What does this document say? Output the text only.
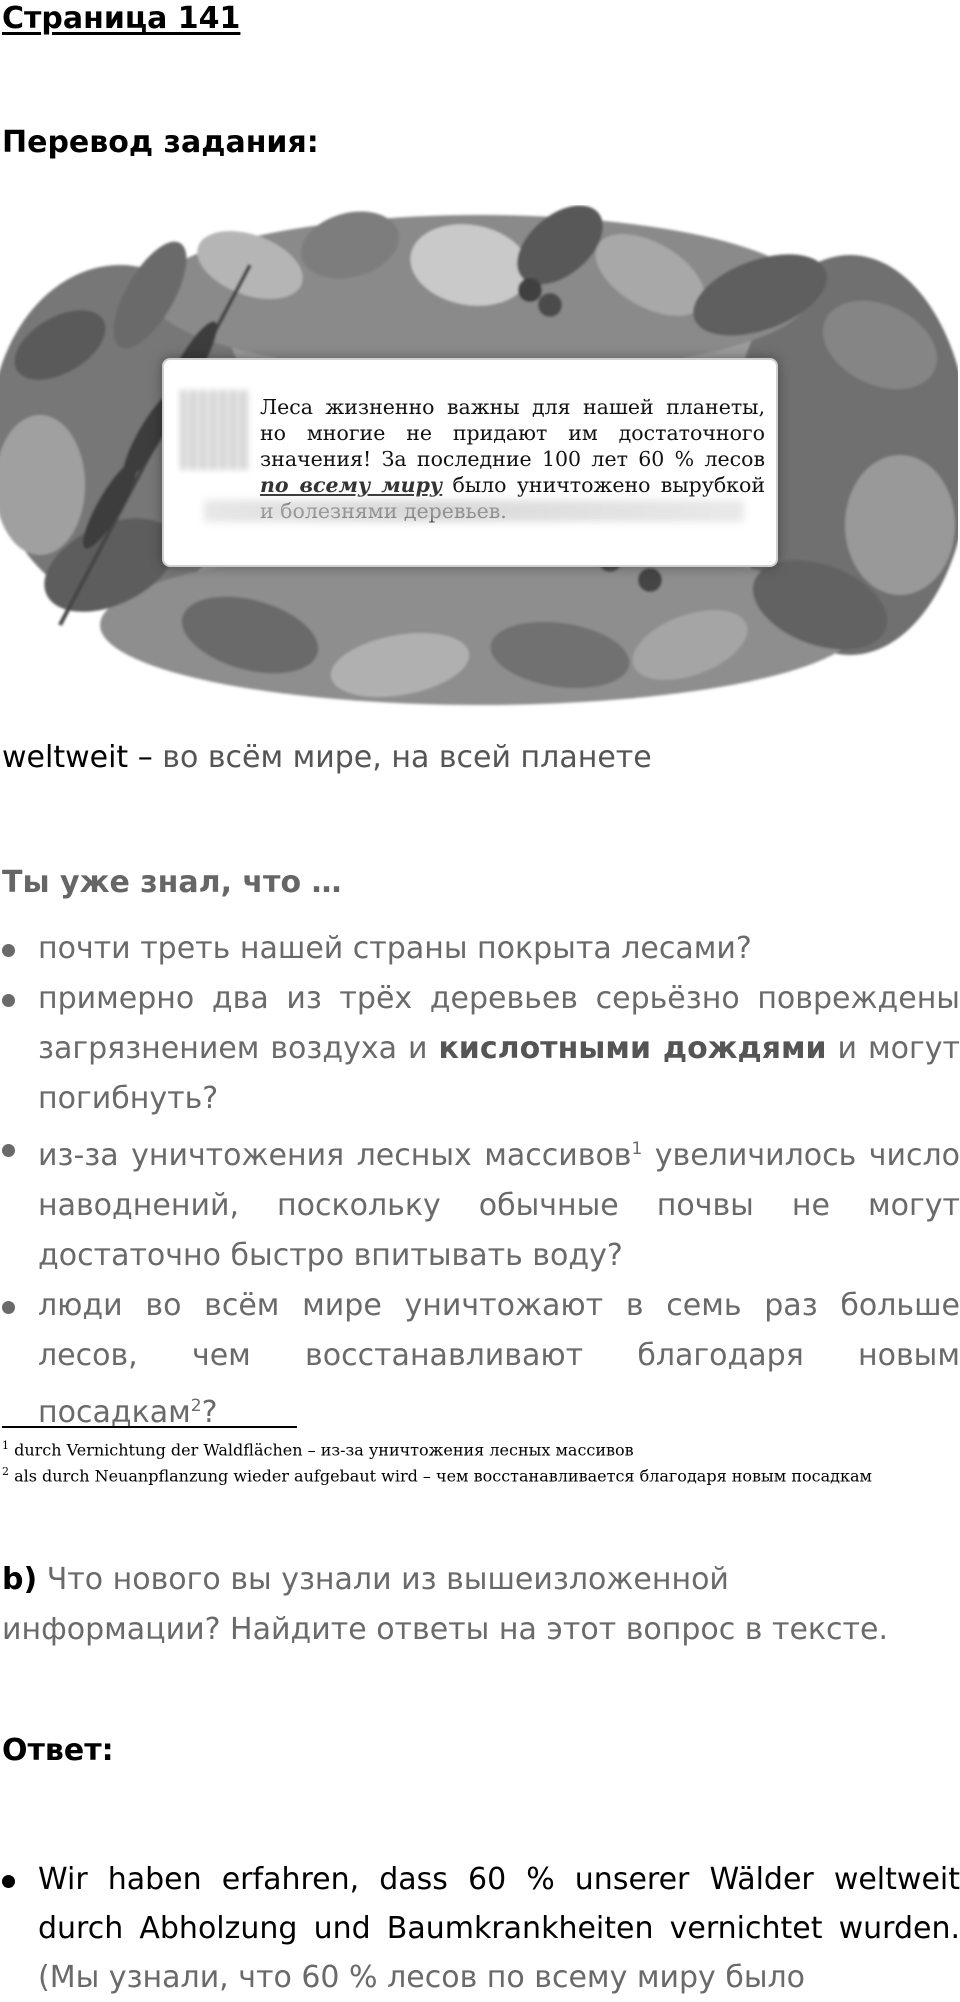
Страница 141
Перевод задания:
Леса жизненно важны для нашей планеты, но многие не придают им достаточного значения! За последние 100 лет 60 % лесов по всему миру было уничтожено вырубкой
weltweit – во всём мире, на всей планете
Ты уже знал, что …
почти треть нашей страны покрыта лесами?
примерно два из трёх деревьев серьёзно повреждены загрязнением воздуха и кислотными дождями и могут погибнуть?
из-за уничтожения лесных массивов$^1$ увеличилось число наводнений, поскольку обычные почвы не могут достаточно быстро впитывать воду?
люди во всём мире уничтожают в семь раз больше лесов, чем восстанавливают благодаря новым посадкам$^2$?
$^1$ durch Vernichtung der Waldflächen – из-за уничтожения лесных массивов
$^2$ als durch Neuanpflanzung wieder aufgebaut wird – чем восстанавливается благодаря новым посадкам
b) Что нового вы узнали из вышеизложенной информации? Найдите ответы на этот вопрос в тексте.
Ответ:
Wir haben erfahren, dass 60 % unserer Wälder weltweit durch Abholzung und Baumkrankheiten vernichtet wurden. (Мы узнали, что 60 % лесов по всему миру было
